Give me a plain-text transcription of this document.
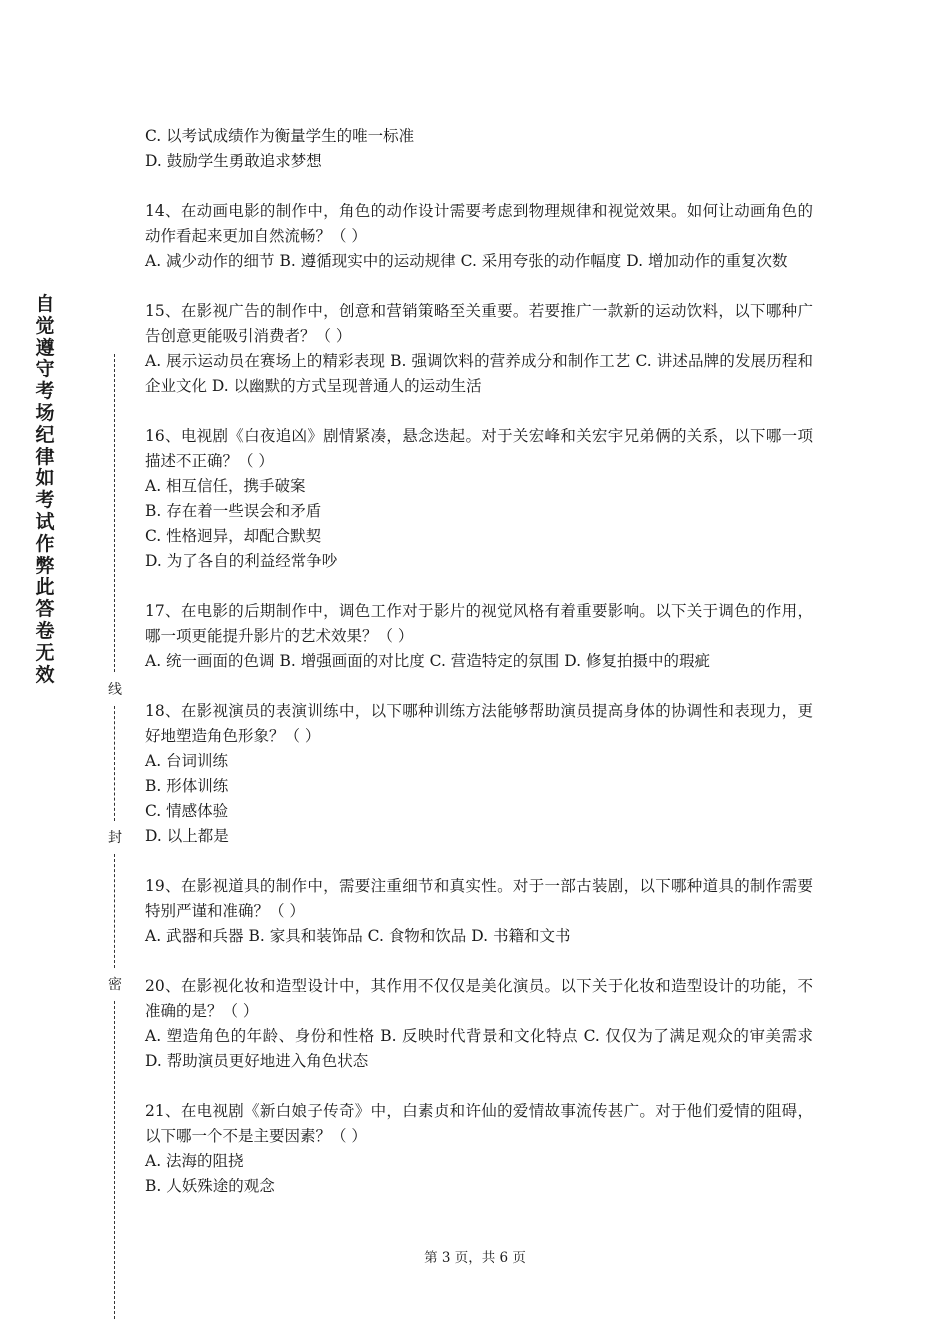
自觉遵守考场纪律如考试作弊此答卷无效
线
封
密

C. 以考试成绩作为衡量学生的唯一标准

D. 鼓励学生勇敢追求梦想

14、在动画电影的制作中，角色的动作设计需要考虑到物理规律和视觉效果。如何让动画角色的动作看起来更加自然流畅？（ ）

A. 减少动作的细节 B. 遵循现实中的运动规律 C. 采用夸张的动作幅度 D. 增加动作的重复次数

15、在影视广告的制作中，创意和营销策略至关重要。若要推广一款新的运动饮料，以下哪种广告创意更能吸引消费者？（ ）

A. 展示运动员在赛场上的精彩表现 B. 强调饮料的营养成分和制作工艺 C. 讲述品牌的发展历程和企业文化 D. 以幽默的方式呈现普通人的运动生活

16、电视剧《白夜追凶》剧情紧凑，悬念迭起。对于关宏峰和关宏宇兄弟俩的关系，以下哪一项描述不正确？（ ）

A. 相互信任，携手破案

B. 存在着一些误会和矛盾

C. 性格迥异，却配合默契

D. 为了各自的利益经常争吵

17、在电影的后期制作中，调色工作对于影片的视觉风格有着重要影响。以下关于调色的作用，哪一项更能提升影片的艺术效果？（ ）

A. 统一画面的色调 B. 增强画面的对比度 C. 营造特定的氛围 D. 修复拍摄中的瑕疵

18、在影视演员的表演训练中，以下哪种训练方法能够帮助演员提高身体的协调性和表现力，更好地塑造角色形象？（ ）

A. 台词训练

B. 形体训练

C. 情感体验

D. 以上都是

19、在影视道具的制作中，需要注重细节和真实性。对于一部古装剧，以下哪种道具的制作需要特别严谨和准确？（ ）

A. 武器和兵器 B. 家具和装饰品 C. 食物和饮品 D. 书籍和文书

20、在影视化妆和造型设计中，其作用不仅仅是美化演员。以下关于化妆和造型设计的功能，不准确的是？（ ）

A. 塑造角色的年龄、身份和性格 B. 反映时代背景和文化特点 C. 仅仅为了满足观众的审美需求 D. 帮助演员更好地进入角色状态

21、在电视剧《新白娘子传奇》中，白素贞和许仙的爱情故事流传甚广。对于他们爱情的阻碍，以下哪一个不是主要因素？（ ）

A. 法海的阻挠

B. 人妖殊途的观念

第 3 页，共 6 页
